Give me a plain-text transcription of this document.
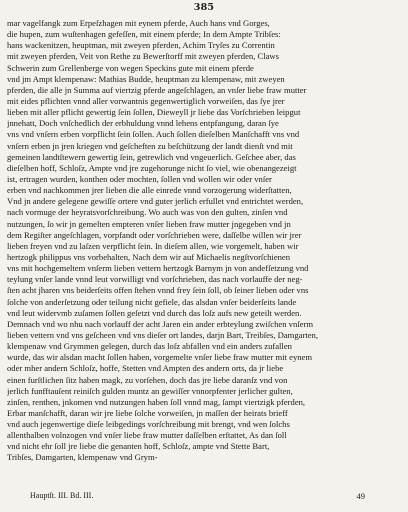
385
mar vagelfangk zum Erpeſzhagen mit eynem pferde, Auch hans vnd Gorges,
die hupen, zum wuſtenhagen gefeſſen, mit einem pferde; In dem Ampte Tribſes:
hans wackenitzen, heuptman, mit zweyen pferden, Achim Tryſes zu Correntin
mit zweyen pferden, Veit von Rethe zu Bewerſtorff mit zweyen pferden, Claws
Schwerin zum Grellenberge von wegen Speckins gute mit einem pferde
vnd jm Ampt klempenaw: Mathias Budde, heuptman zu klempenaw, mit zweyen
pferden, die alle jn Summa auf viertzig pferde angeſchlagen, an vnſer liebe fraw mutter
mit eides pflichten vnnd aller vorwantnis gegenwertiglich vorweiſen, das ſye jrer
lieben mit aller pflicht gewertig ſein ſollen, Dieweyll jr liebe das Vorſchrieben leipgut
jnnehatt, Doch vnſchedlich der erbhuldung vnnd lehens entpfangung, daran ſye
vns vnd vnſern erben vorpflicht ſein ſollen. Auch ſollen dieſelben Manſchafft vns vnd
vnſern erben jn jren kriegen vnd geſcheften zu beſchützung der landt dienſt vnd mit
gemeinen landtſtewern gewertig ſein, getrewlich vnd vngeuerlich. Geſchee aber, das
dieſelben hoff, Schloſz, Ampte vnd jre zugehorunge nicht ſo viel, wie obenangezeigt
ist, ertragen wurden, konthen oder mochten, ſollen vnd wollen wir oder vnſer
erben vnd nachkommen jrer lieben die alle einrede vnnd vorzogerung widerſtatten,
Vnd jn andere gelegene gewiſſe ortere vnd guter jerlich erfullet vnd entrichtet werden,
nach vormuge der heyratsvorſchreibung. Wo auch was von den gulten, zinſen vnd
nutzungen, ſo wir jn gemelten empteren vnſer lieben fraw mutter jngegeben vnd jn
dem Regiſter angeſchlagen, vorpfandt oder vorſchrieben were, daſſelbe willen wir jrer
lieben freyen vnd zu laſzen verpflicht ſein. In dieſem allen, wie vorgemelt, haben wir
hertzogk philippus vns vorbehalten, Nach dem wir auf Michaelis negſtvorſchienen
vns mit hochgemeltem vnſerm lieben vettern hertzogk Barnym jn von andefſetzung vnd
teylung vnſer lande vnnd leut vorwilligt vnd vorſchrieben, das nach vorlauffe der neg-
ſten acht jharen vns beiderſeits offen ſtehen vnnd frey ſein ſoll, ob ſeiner lieben oder vns
ſolche von anderſetzung oder teilung nicht gefiele, das alsdan vnſer beiderſeits lande
vnd leut widervmb zuſamen ſollen geſetzt vnd durch das loſz aufs new geteilt werden.
Demnach vnd wo nhu nach vorlauff der acht Jaren ein ander erbteylung zwiſchen vnſerm
lieben vettern vnd vns geſcheen vnd vns dieſer ort landes, darjn Bart, Treibſes, Damgarten,
klempenaw vnd Grymmen gelegen, durch das loſz abfallen vnd ein anders zufallen
wurde, das wir alsdan macht ſollen haben, vorgemelte vnſer liebe fraw mutter mit eynem
oder mher andern Schloſz, hoffe, Stetten vnd Ampten des andern orts, da jr liebe
einen furſtlichen ſitz haben magk, zu vorſehen, doch das jre liebe daranſz vnd von
jerlich funfftauſent reiniſch gulden muntz an gewiſſer vnnorpfenter jerlicher gulten,
zinſen, renthen, jnkomen vnd nutzungen haben ſoll vnnd mag, ſampt viertzigk pferden,
Erbar manſchafft, daran wir jre liebe ſolche vorweiſen, jn maſſen der heirats brieff
vnd auch jegenwertige dieſe leibgedings vorſchreibung mit brengt, vnd wen ſolchs
allenthalben volnzogen vnd vnſer liebe fraw mutter daſſelben erſtattet, As dan ſoll
vnd nicht ehr ſoll jre liebe die genanten hoff, Schloſz, ampte vnd Stette Bart,
Tribſes, Damgarten, klempenaw vnd Grym-
Hauptſt. III. Bd. III.	49
